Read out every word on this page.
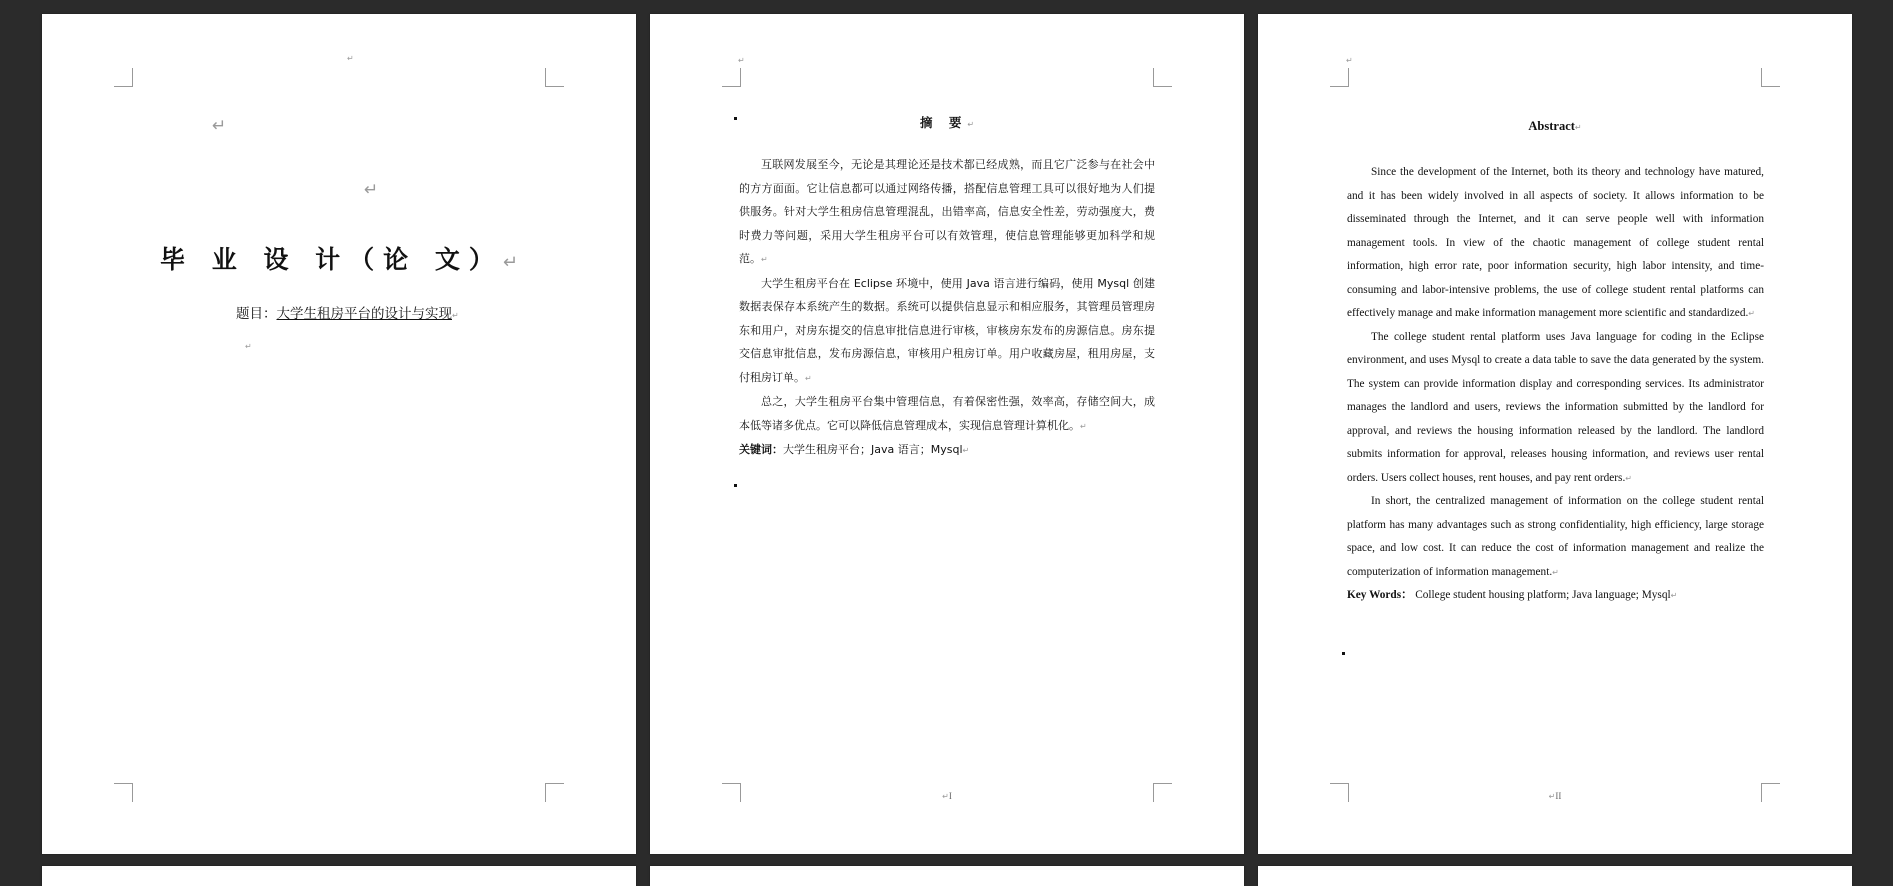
↵
↵
↵
毕 业 设 计（论 文）↵
题目：大学生租房平台的设计与实现↵
↵
↵
摘 要↵

互联网发展至今，无论是其理论还是技术都已经成熟，而且它广泛参与在社会中的方方面面。它让信息都可以通过网络传播，搭配信息管理工具可以很好地为人们提供服务。针对大学生租房信息管理混乱，出错率高，信息安全性差，劳动强度大，费时费力等问题，采用大学生租房平台可以有效管理，使信息管理能够更加科学和规范。↵

大学生租房平台在 Eclipse 环境中，使用 Java 语言进行编码，使用 Mysql 创建数据表保存本系统产生的数据。系统可以提供信息显示和相应服务，其管理员管理房东和用户，对房东提交的信息审批信息进行审核，审核房东发布的房源信息。房东提交信息审批信息，发布房源信息，审核用户租房订单。用户收藏房屋，租用房屋，支付租房订单。↵

总之，大学生租房平台集中管理信息，有着保密性强，效率高，存储空间大，成本低等诸多优点。它可以降低信息管理成本，实现信息管理计算机化。↵

关键词：大学生租房平台；Java 语言；Mysql↵

↵I
↵
Abstract↵

Since the development of the Internet, both its theory and technology have matured, and it has been widely involved in all aspects of society. It allows information to be disseminated through the Internet, and it can serve people well with information management tools. In view of the chaotic management of college student rental information, high error rate, poor information security, high labor intensity, and time-consuming and labor-intensive problems, the use of college student rental platforms can effectively manage and make information management more scientific and standardized.↵

The college student rental platform uses Java language for coding in the Eclipse environment, and uses Mysql to create a data table to save the data generated by the system. The system can provide information display and corresponding services. Its administrator manages the landlord and users, reviews the information submitted by the landlord for approval, and reviews the housing information released by the landlord. The landlord submits information for approval, releases housing information, and reviews user rental orders. Users collect houses, rent houses, and pay rent orders.↵

In short, the centralized management of information on the college student rental platform has many advantages such as strong confidentiality, high efficiency, large storage space, and low cost. It can reduce the cost of information management and realize the computerization of information management.↵

Key Words： College student housing platform; Java language; Mysql↵

↵II
